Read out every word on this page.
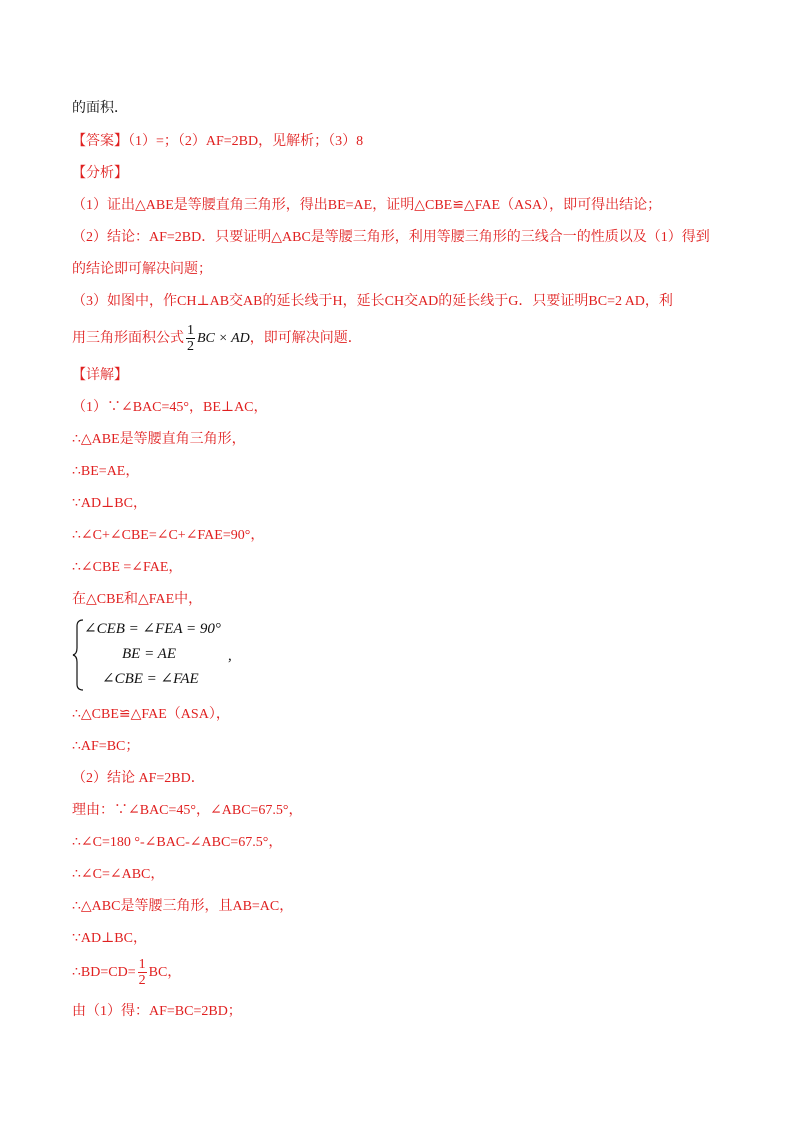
的面积．
【答案】（1）=；（2）AF=2BD，见解析；（3）8
【分析】
（1）证出△ABE是等腰直角三角形，得出BE=AE，证明△CBE≌△FAE（ASA），即可得出结论；
（2）结论：AF=2BD．只要证明△ABC是等腰三角形，利用等腰三角形的三线合一的性质以及（1）得到
的结论即可解决问题；
（3）如图中，作CH⊥AB交AB的延长线于H，延长CH交AD的延长线于G．只要证明BC=2 AD，利
用三角形面积公式 $\frac{1}{2}$ BC × AD，即可解决问题．
【详解】
（1）∵∠BAC=45°，BE⊥AC，
∴△ABE是等腰直角三角形，
∴BE=AE，
∵AD⊥BC，
∴∠C+∠CBE=∠C+∠FAE=90°，
∴∠CBE =∠FAE，
在△CBE和△FAE中，
∠CEB = ∠FEA = 90°
BE = AE
∠CBE = ∠FAE
,
∴△CBE≌△FAE（ASA），
∴AF=BC；
（2）结论 AF=2BD．
理由：∵∠BAC=45°，∠ABC=67.5°，
∴∠C=180 °-∠BAC-∠ABC=67.5°，
∴∠C=∠ABC，
∴△ABC是等腰三角形，且AB=AC，
∵AD⊥BC，
∴BD=CD= $\frac{1}{2}$ BC，
由（1）得：AF=BC=2BD；
